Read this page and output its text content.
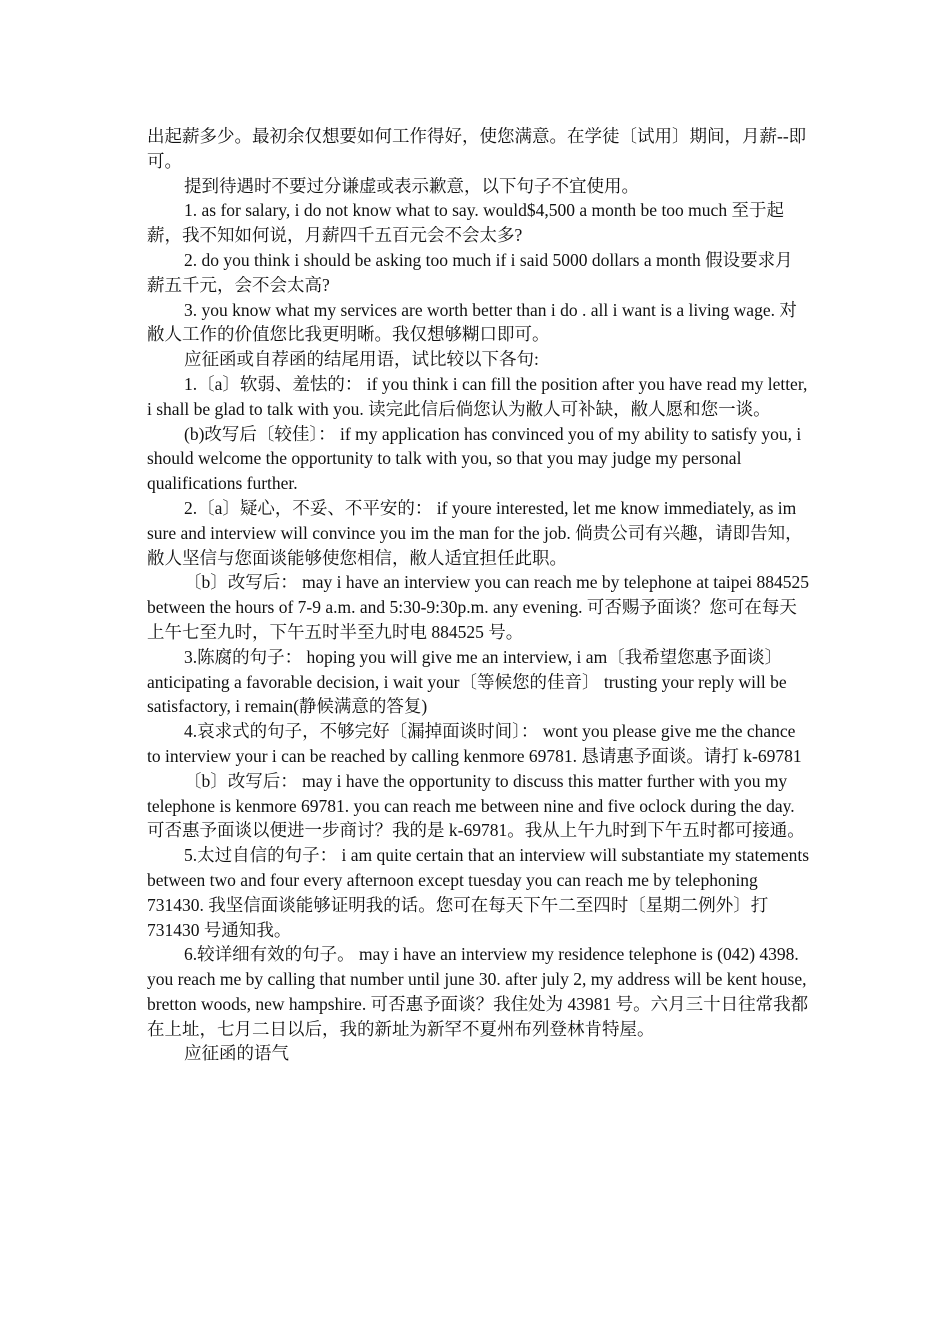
出起薪多少。最初余仅想要如何工作得好，使您满意。在学徒〔试用〕期间，月薪--即可。

提到待遇时不要过分谦虚或表示歉意，以下句子不宜使用。

1. as for salary, i do not know what to say. would$4,500 a month be too much 至于起薪，我不知如何说，月薪四千五百元会不会太多?

2. do you think i should be asking too much if i said 5000 dollars a month 假设要求月薪五千元，会不会太高?

3. you know what my services are worth better than i do . all i want is a living wage. 对敝人工作的价值您比我更明晰。我仅想够糊口即可。

应征函或自荐函的结尾用语，试比较以下各句:

1.〔a〕软弱、羞怯的： if you think i can fill the position after you have read my letter, i shall be glad to talk with you. 读完此信后倘您认为敝人可补缺，敝人愿和您一谈。

(b)改写后〔较佳〕： if my application has convinced you of my ability to satisfy you, i should welcome the opportunity to talk with you, so that you may judge my personal qualifications further.

2.〔a〕疑心，不妥、不平安的： if youre interested, let me know immediately, as im sure and interview will convince you im the man for the job. 倘贵公司有兴趣，请即告知，敝人坚信与您面谈能够使您相信，敝人适宜担任此职。

〔b〕改写后： may i have an interview you can reach me by telephone at taipei 884525 between the hours of 7-9 a.m. and 5:30-9:30p.m. any evening. 可否赐予面谈？您可在每天上午七至九时，下午五时半至九时电 884525 号。

3.陈腐的句子： hoping you will give me an interview, i am〔我希望您惠予面谈〕 anticipating a favorable decision, i wait your〔等候您的佳音〕 trusting your reply will be satisfactory, i remain(静候满意的答复)

4.哀求式的句子，不够完好〔漏掉面谈时间〕： wont you please give me the chance to interview your i can be reached by calling kenmore 69781. 恳请惠予面谈。请打 k-69781

〔b〕改写后： may i have the opportunity to discuss this matter further with you my telephone is kenmore 69781. you can reach me between nine and five oclock during the day. 可否惠予面谈以便进一步商讨？我的是 k-69781。我从上午九时到下午五时都可接通。

5.太过自信的句子： i am quite certain that an interview will substantiate my statements between two and four every afternoon except tuesday you can reach me by telephoning 731430. 我坚信面谈能够证明我的话。您可在每天下午二至四时〔星期二例外〕打 731430 号通知我。

6.较详细有效的句子。 may i have an interview my residence telephone is (042) 4398. you reach me by calling that number until june 30. after july 2, my address will be kent house, bretton woods, new hampshire. 可否惠予面谈？我住处为 43981 号。六月三十日往常我都在上址，七月二日以后，我的新址为新罕不夏州布列登林肯特屋。

应征函的语气
